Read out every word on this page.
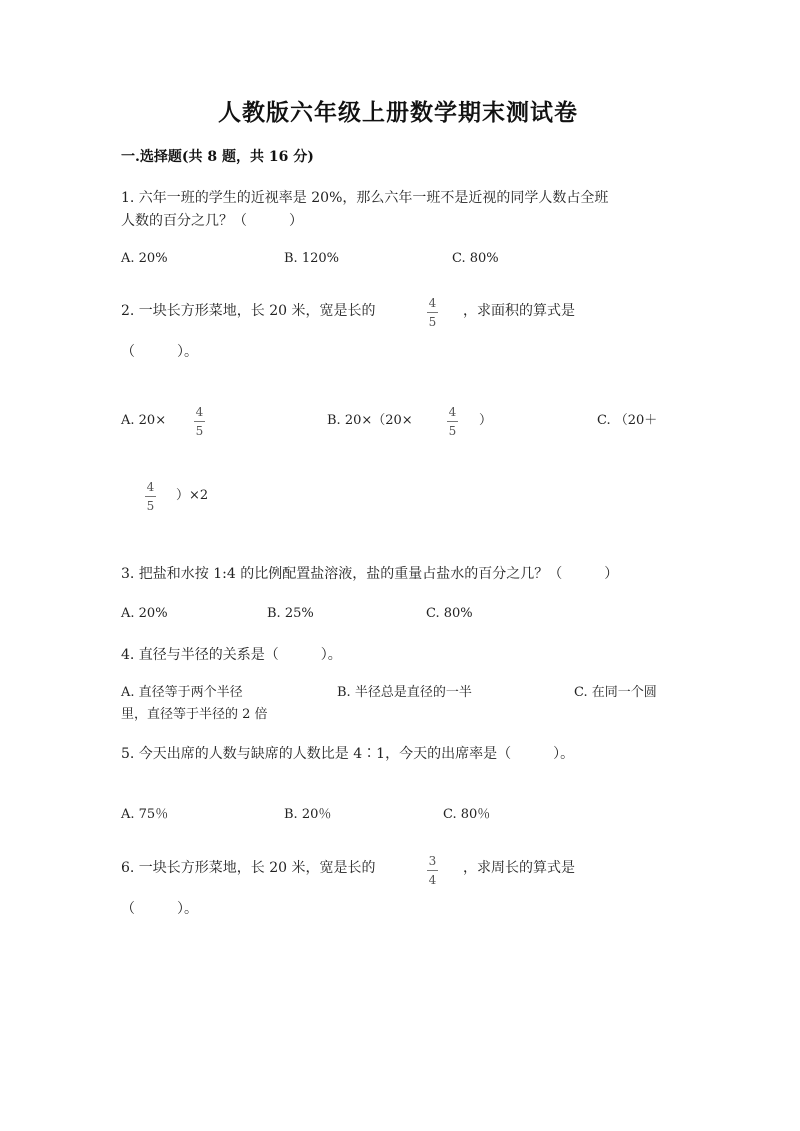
人教版六年级上册数学期末测试卷
一.选择题(共 8 题，共 16 分)
1. 六年一班的学生的近视率是 20%，那么六年一班不是近视的同学人数占全班
人数的百分之几？（　　　）
A. 20%	B. 120%	C. 80%
2. 一块长方形菜地，长 20 米，宽是长的	4
5
，求面积的算式是
（　　　）。
A. 20×
4
5
B. 20×（20×
4
5
）	C. （20＋
4
5
）×2
3. 把盐和水按 1:4 的比例配置盐溶液，盐的重量占盐水的百分之几？（　　　）
A. 20%	B. 25%	C. 80%
4. 直径与半径的关系是（　　　）。
A. 直径等于两个半径	B. 半径总是直径的一半	C. 在同一个圆
里，直径等于半径的 2 倍
5. 今天出席的人数与缺席的人数比是 4∶1，今天的出席率是（　　　）。
A. 75％	B. 20％	C. 80％
6. 一块长方形菜地，长 20 米，宽是长的	3
4
，求周长的算式是
（　　　）。
